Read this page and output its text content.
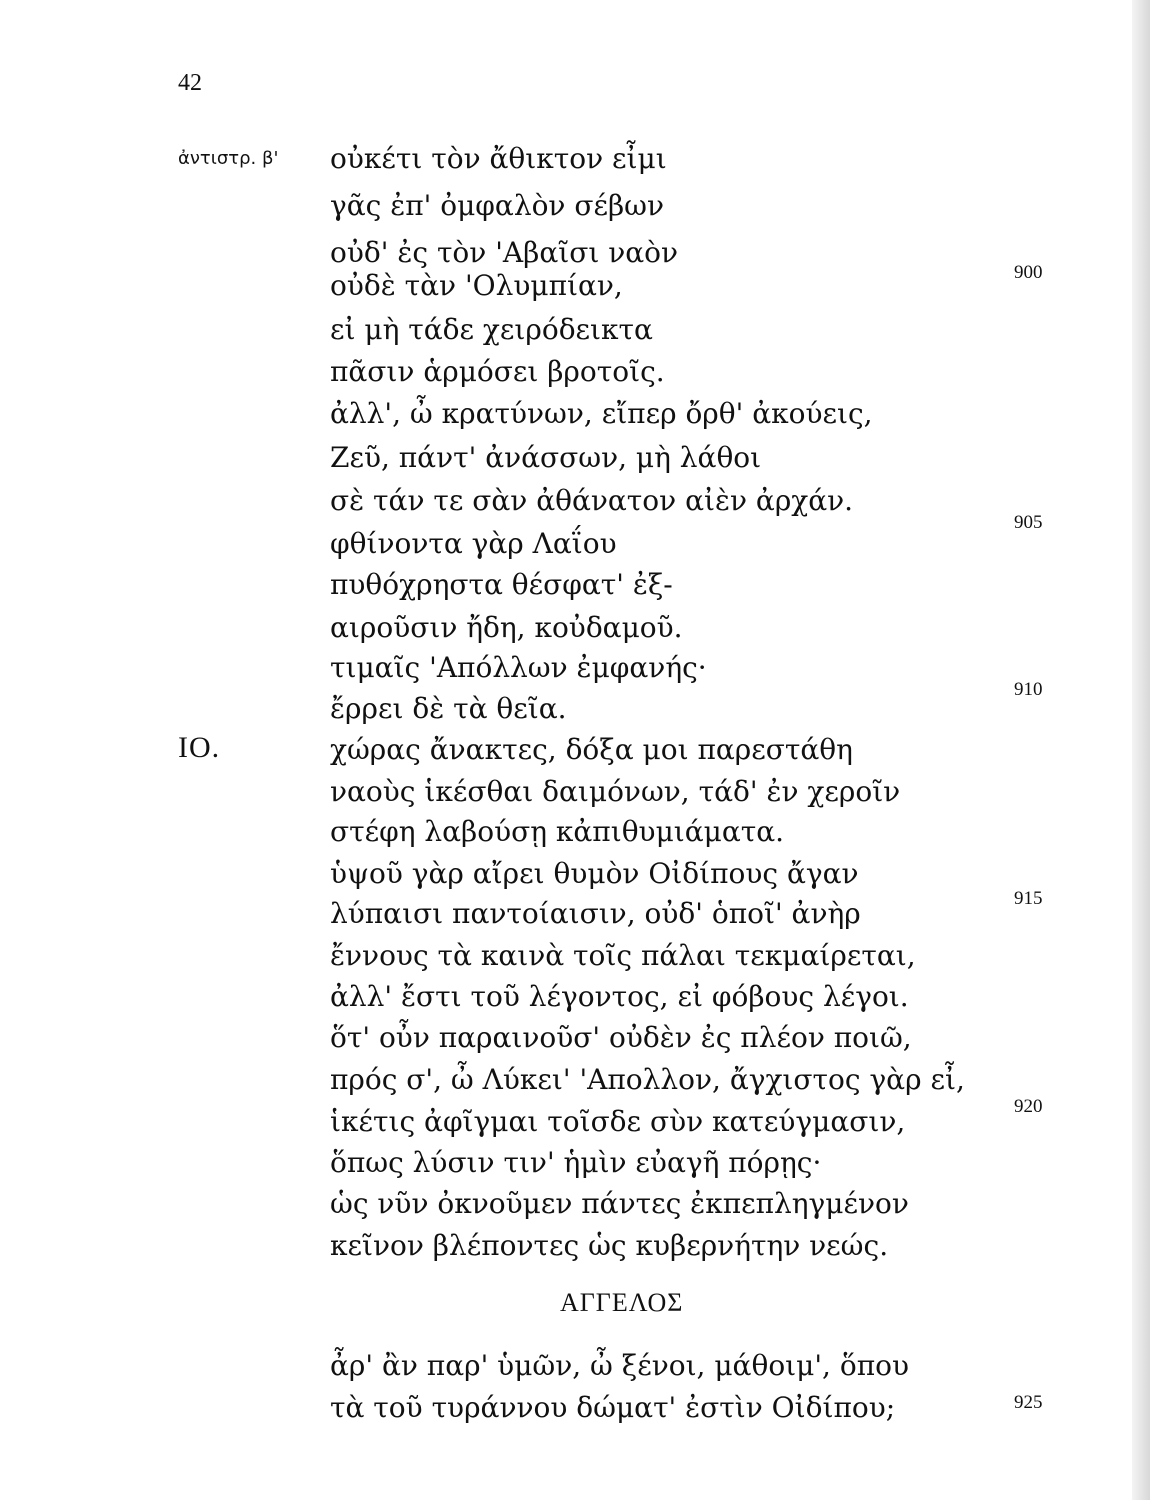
42
ἀντιστρ. β' οὐκέτι τὸν ἄθικτον εἶμι
γᾶς ἐπ' ὀμφαλὸν σέβων
οὐδ' ἐς τὸν 'Αβαῖσι ναὸν
οὐδὲ τὰν 'Ολυμπίαν,
εἰ μὴ τάδε χειρόδεικτα
πᾶσιν ἁρμόσει βροτοῖς.
ἀλλ', ὦ κρατύνων, εἴπερ ὄρθ' ἀκούεις,
Ζεῦ, πάντ' ἀνάσσων, μὴ λάθοι
σὲ τάν τε σὰν ἀθάνατον αἰὲν ἀρχάν.
φθίνοντα γὰρ Λαΐου
πυθόχρηστα θέσφατ' ἐξ-
αιροῦσιν ἤδη, κοὐδαμοῦ.
τιμαῖς 'Απόλλων ἐμφανής·
ἔρρει δὲ τὰ θεῖα.
χώρας ἄνακτες, δόξα μοι παρεστάθη
ναοὺς ἱκέσθαι δαιμόνων, τάδ' ἐν χεροῖν
στέφη λαβούσῃ κἀπιθυμιάματα.
ὑψοῦ γὰρ αἴρει θυμὸν Οἰδίπους ἄγαν
λύπαισι παντοίαισιν, οὐδ' ὁποῖ' ἀνὴρ
ἔννους τὰ καινὰ τοῖς πάλαι τεκμαίρεται,
ἀλλ' ἔστι τοῦ λέγοντος, εἰ φόβους λέγοι.
ὅτ' οὖν παραινοῦσ' οὐδὲν ἐς πλέον ποιῶ,
πρός σ', ὦ Λύκει' 'Απολλον, ἄγχιστος γὰρ εἶ,
ἱκέτις ἀφῖγμαι τοῖσδε σὺν κατεύγμασιν,
ὅπως λύσιν τιν' ἡμὶν εὐαγῆ πόρῃς·
ὡς νῦν ὀκνοῦμεν πάντες ἐκπεπληγμένον
κεῖνον βλέποντες ὡς κυβερνήτην νεώς.
ἆρ' ἂν παρ' ὑμῶν, ὦ ξένοι, μάθοιμ', ὅπου
τὰ τοῦ τυράννου δώματ' ἐστὶν Οἰδίπου;
IO.
ΑΓΓΕΛΟΣ
900
905
910
915
920
925
